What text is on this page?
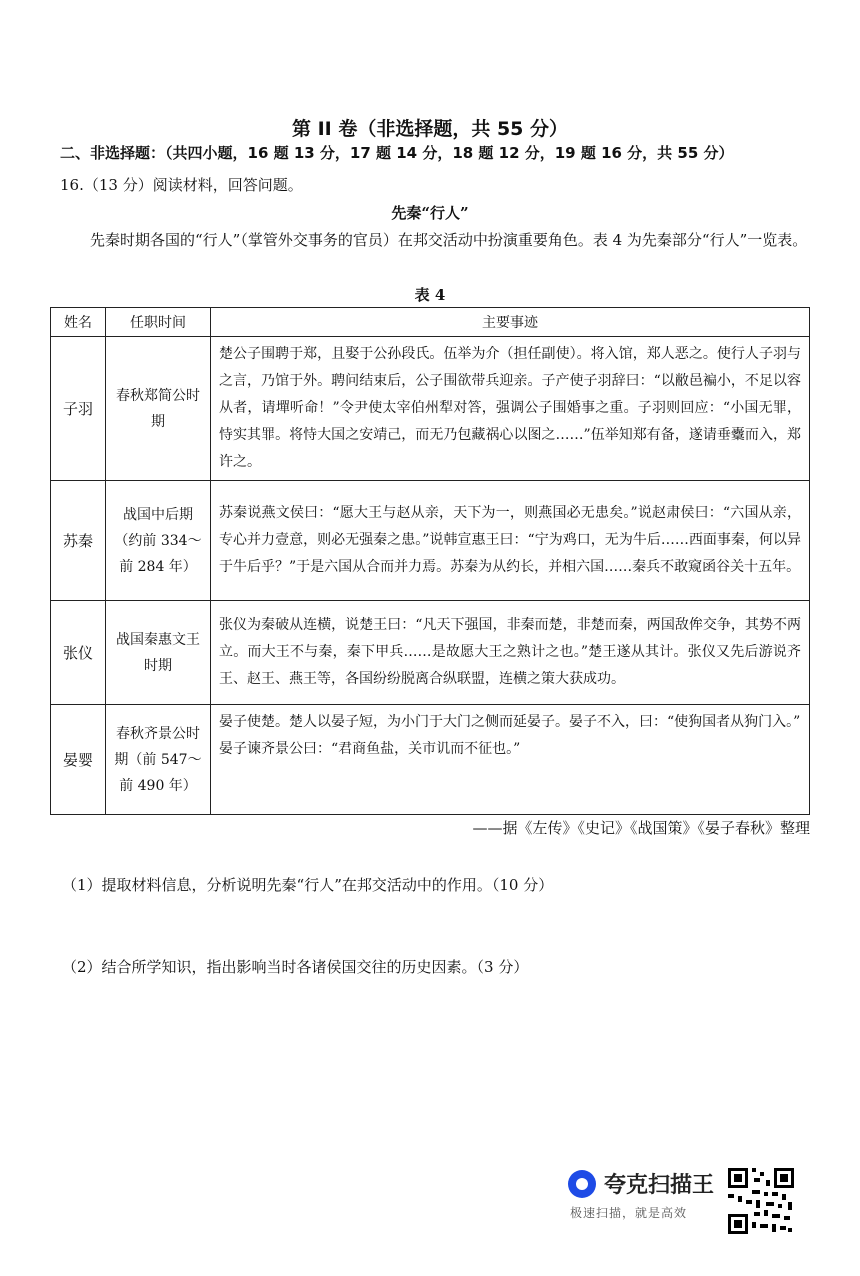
第 II 卷（非选择题，共 55 分）
二、非选择题：（共四小题，16 题 13 分，17 题 14 分，18 题 12 分，19 题 16 分，共 55 分）
16.（13 分）阅读材料，回答问题。
先秦“行人”

先秦时期各国的“行人”（掌管外交事务的官员）在邦交活动中扮演重要角色。表 4 为先秦部分“行人”一览表。

表 4
姓名	任职时间	主要事迹
子羽	春秋郑简公时期	楚公子围聘于郑，且娶于公孙段氏。伍举为介（担任副使）。将入馆，郑人恶之。使行人子羽与之言，乃馆于外。聘问结束后，公子围欲带兵迎亲。子产使子羽辞曰：“以敝邑褊小，不足以容从者，请墠听命！”令尹使太宰伯州犁对答，强调公子围婚事之重。子羽则回应：“小国无罪，恃实其罪。将恃大国之安靖己，而无乃包藏祸心以图之……”伍举知郑有备，遂请垂櫜而入，郑许之。
苏秦	战国中后期（约前 334～前 284 年）	苏秦说燕文侯曰：“愿大王与赵从亲，天下为一，则燕国必无患矣。”说赵肃侯曰：“六国从亲，专心并力壹意，则必无强秦之患。”说韩宣惠王曰：“宁为鸡口，无为牛后……西面事秦，何以异于牛后乎？”于是六国从合而并力焉。苏秦为从约长，并相六国……秦兵不敢窥函谷关十五年。
张仪	战国秦惠文王时期	张仪为秦破从连横，说楚王曰：“凡天下强国，非秦而楚，非楚而秦，两国敌侔交争，其势不两立。而大王不与秦，秦下甲兵……是故愿大王之熟计之也。”楚王遂从其计。张仪又先后游说齐王、赵王、燕王等，各国纷纷脱离合纵联盟，连横之策大获成功。
晏婴	春秋齐景公时期（前 547～前 490 年）	晏子使楚。楚人以晏子短，为小门于大门之侧而延晏子。晏子不入，曰：“使狗国者从狗门入。”
晏子谏齐景公曰：“君商鱼盐，关市讥而不征也。”
——据《左传》《史记》《战国策》《晏子春秋》整理
（1）提取材料信息，分析说明先秦“行人”在邦交活动中的作用。（10 分）
（2）结合所学知识，指出影响当时各诸侯国交往的历史因素。（3 分）
夸克扫描王
极速扫描，就是高效
